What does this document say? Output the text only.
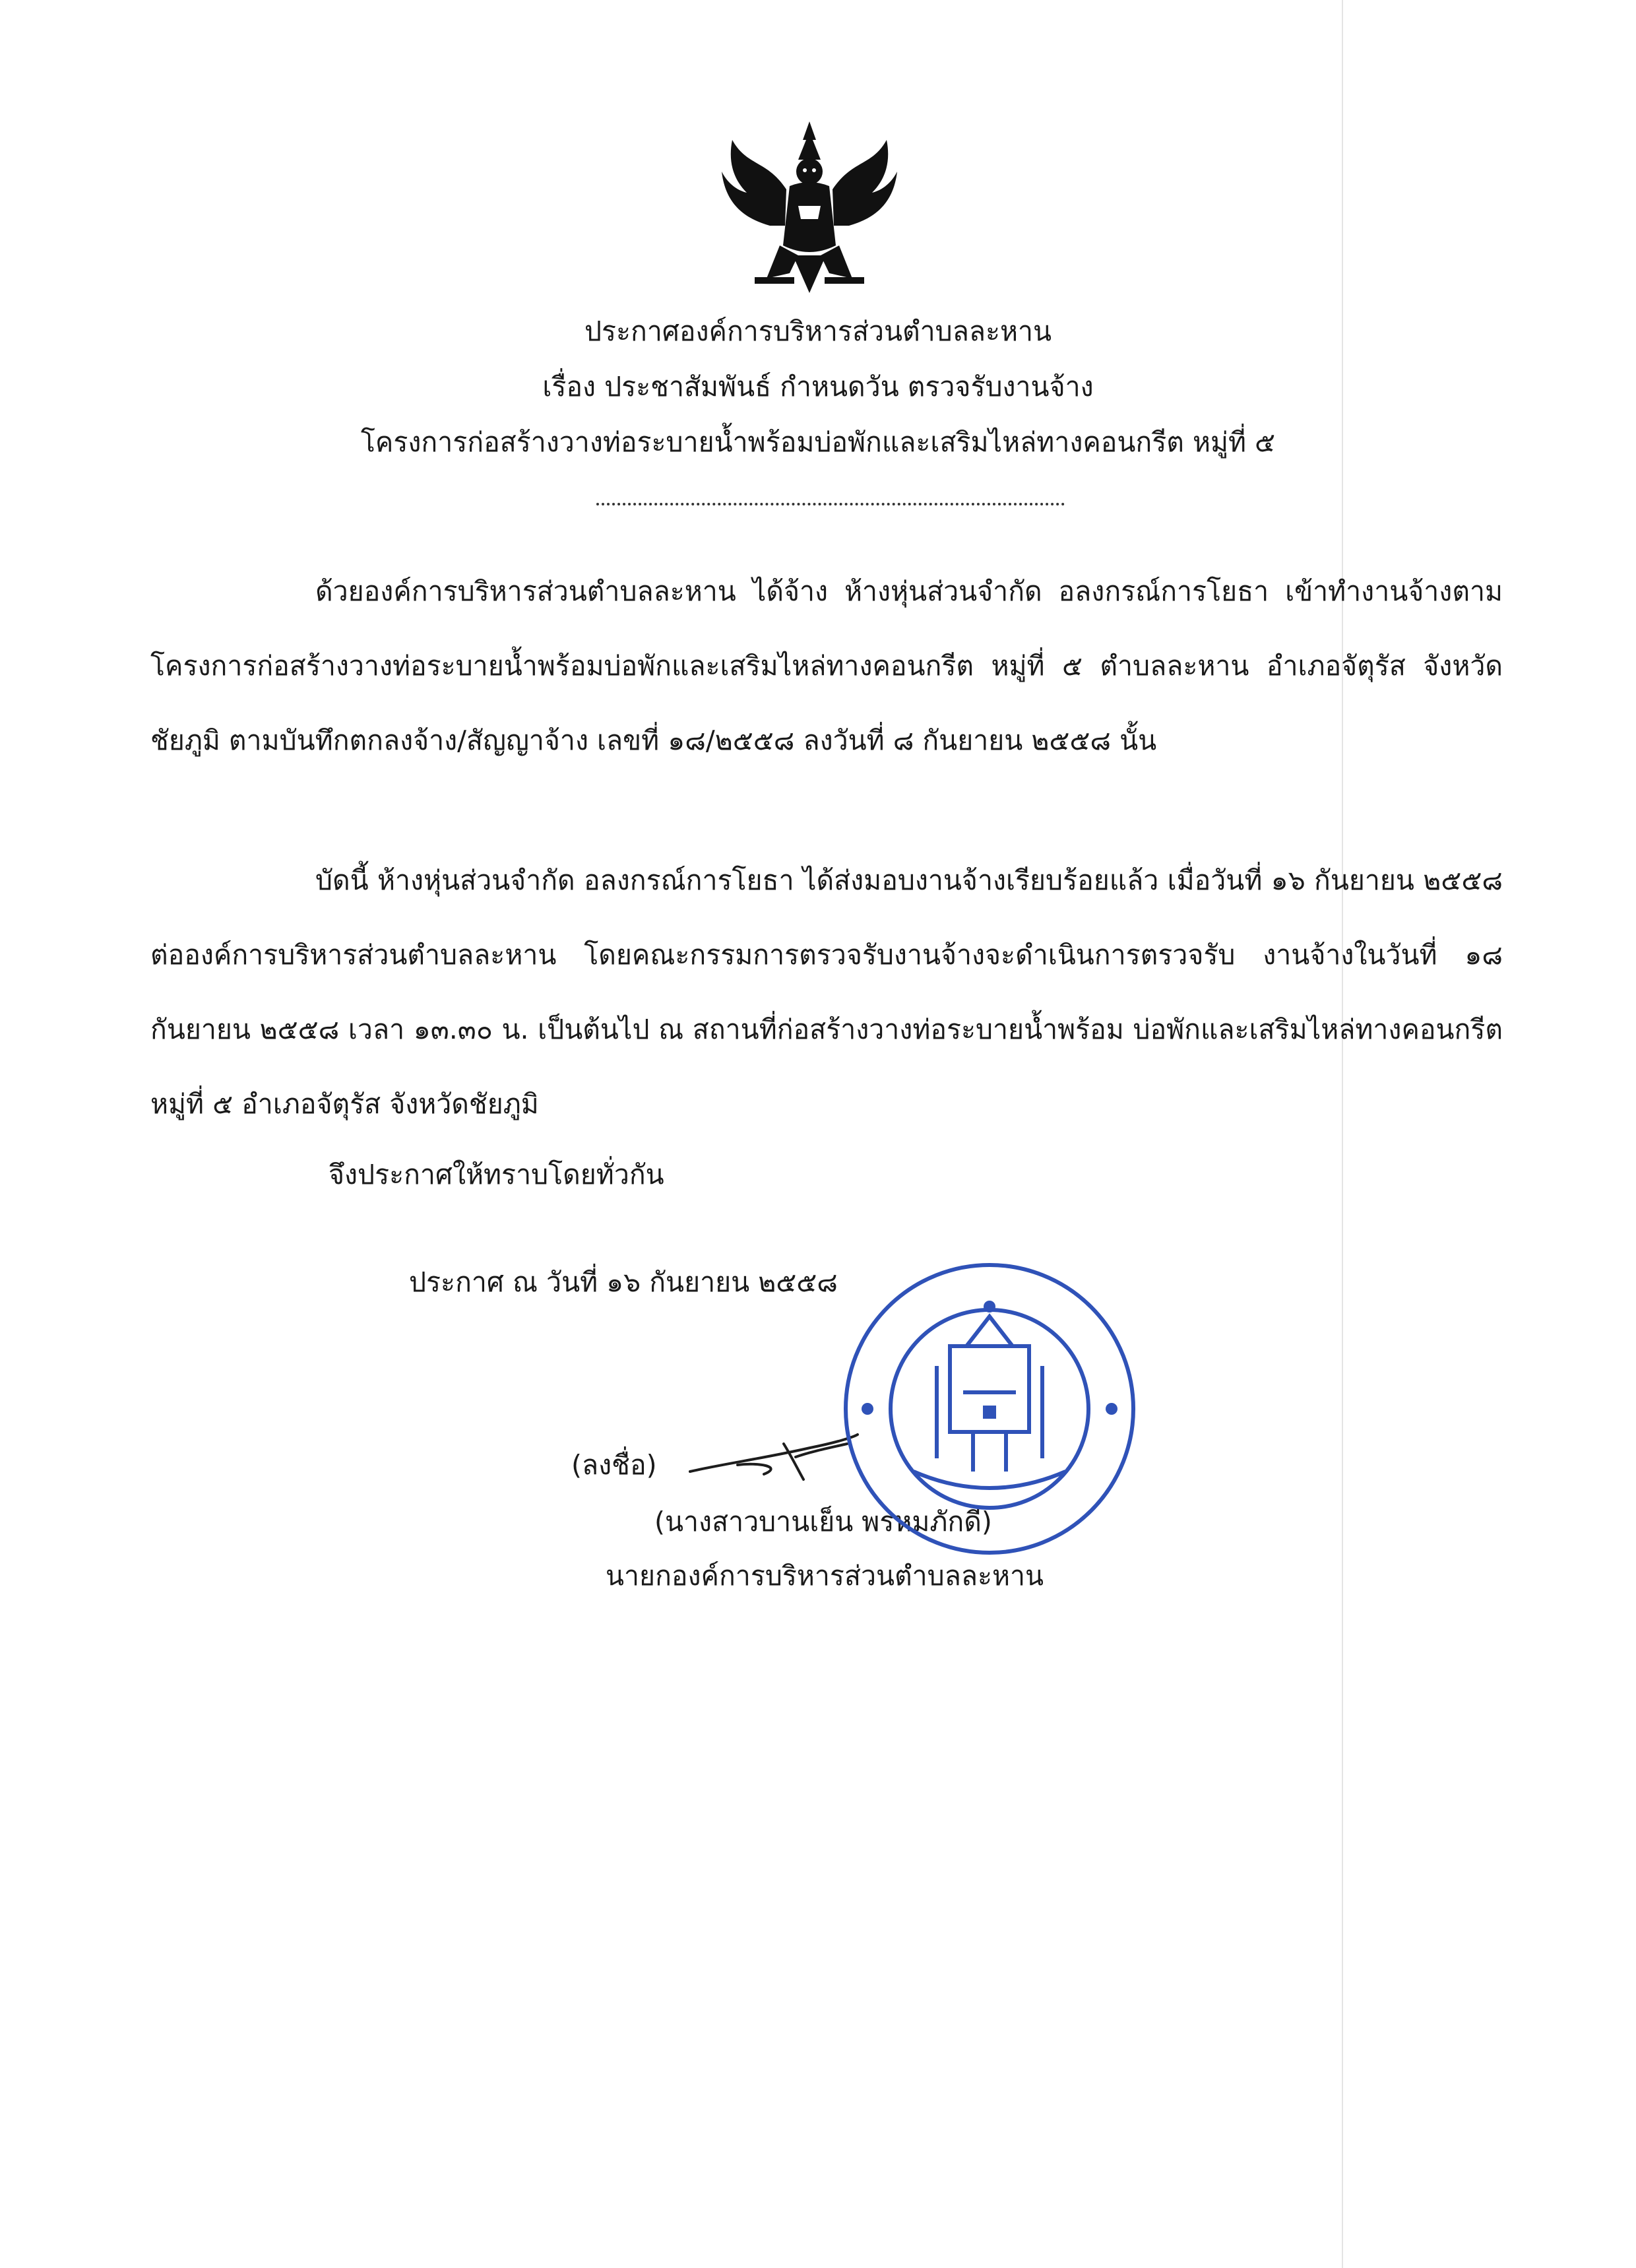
ประกาศองค์การบริหารส่วนตำบลละหาน
เรื่อง ประชาสัมพันธ์ กำหนดวัน ตรวจรับงานจ้าง
โครงการก่อสร้างวางท่อระบายน้ำพร้อมบ่อพักและเสริมไหล่ทางคอนกรีต หมู่ที่ ๕
ด้วยองค์การบริหารส่วนตำบลละหาน ได้จ้าง ห้างหุ่นส่วนจำกัด อลงกรณ์การโยธา เข้าทำงานจ้างตามโครงการก่อสร้างวางท่อระบายน้ำพร้อมบ่อพักและเสริมไหล่ทางคอนกรีต หมู่ที่ ๕ ตำบลละหาน อำเภอจัตุรัส จังหวัดชัยภูมิ ตามบันทึกตกลงจ้าง/สัญญาจ้าง เลขที่ ๑๘/๒๕๕๘ ลงวันที่ ๘ กันยายน ๒๕๕๘ นั้น
บัดนี้ ห้างหุ่นส่วนจำกัด อลงกรณ์การโยธา ได้ส่งมอบงานจ้างเรียบร้อยแล้ว เมื่อวันที่ ๑๖ กันยายน ๒๕๕๘ ต่อองค์การบริหารส่วนตำบลละหาน โดยคณะกรรมการตรวจรับงานจ้างจะดำเนินการตรวจรับ งานจ้างในวันที่ ๑๘ กันยายน ๒๕๕๘ เวลา ๑๓.๓๐ น. เป็นต้นไป ณ สถานที่ก่อสร้างวางท่อระบายน้ำพร้อม บ่อพักและเสริมไหล่ทางคอนกรีต หมู่ที่ ๕ อำเภอจัตุรัส จังหวัดชัยภูมิ
จึงประกาศให้ทราบโดยทั่วกัน
ประกาศ ณ วันที่ ๑๖ กันยายน ๒๕๕๘
(ลงชื่อ)
(นางสาวบานเย็น พรหมภักดี)
นายกองค์การบริหารส่วนตำบลละหาน
